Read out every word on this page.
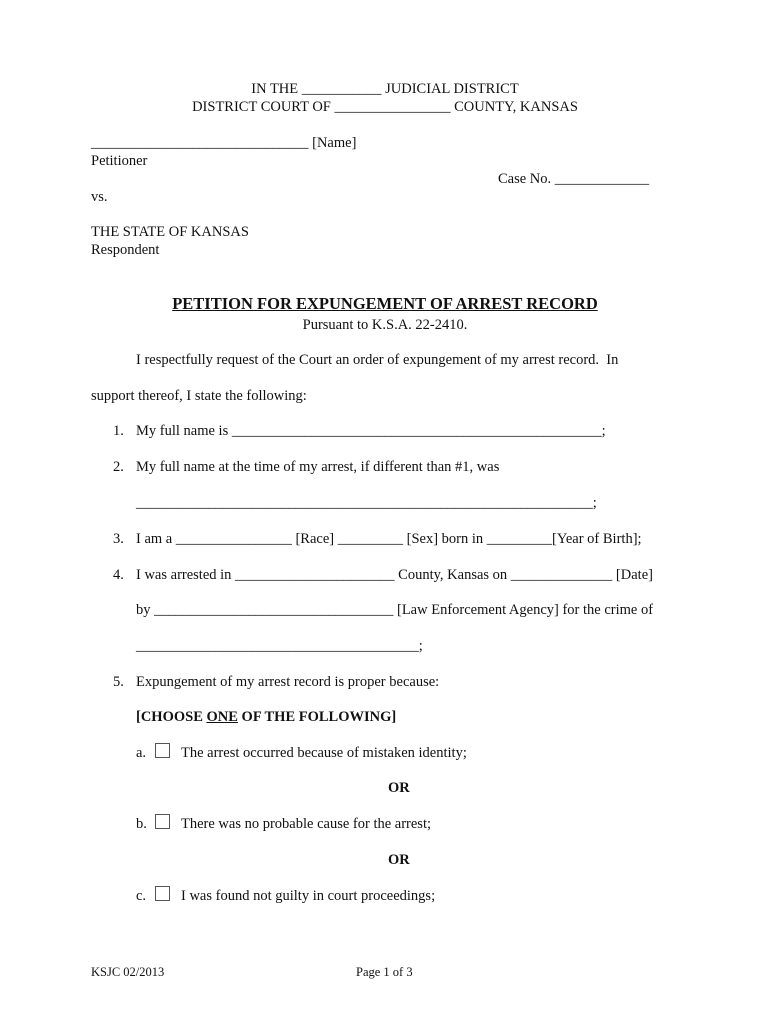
IN THE ___________ JUDICIAL DISTRICT
DISTRICT COURT OF ________________ COUNTY, KANSAS
______________________________ [Name]
Petitioner
Case No. _____________
vs.
THE STATE OF KANSAS
Respondent
PETITION FOR EXPUNGEMENT OF ARREST RECORD
Pursuant to K.S.A. 22-2410.
I respectfully request of the Court an order of expungement of my arrest record.  In
support thereof, I state the following:
1. My full name is ___________________________________________________;
2. My full name at the time of my arrest, if different than #1, was
_______________________________________________________________;
3. I am a ________________ [Race] _________ [Sex] born in _________[Year of Birth];
4. I was arrested in ______________________ County, Kansas on ______________ [Date]
by _________________________________ [Law Enforcement Agency] for the crime of
_______________________________________;
5. Expungement of my arrest record is proper because:
[CHOOSE ONE OF THE FOLLOWING]
a. The arrest occurred because of mistaken identity;
OR
b. There was no probable cause for the arrest;
OR
c. I was found not guilty in court proceedings;
KSJC 02/2013	Page 1 of 3
